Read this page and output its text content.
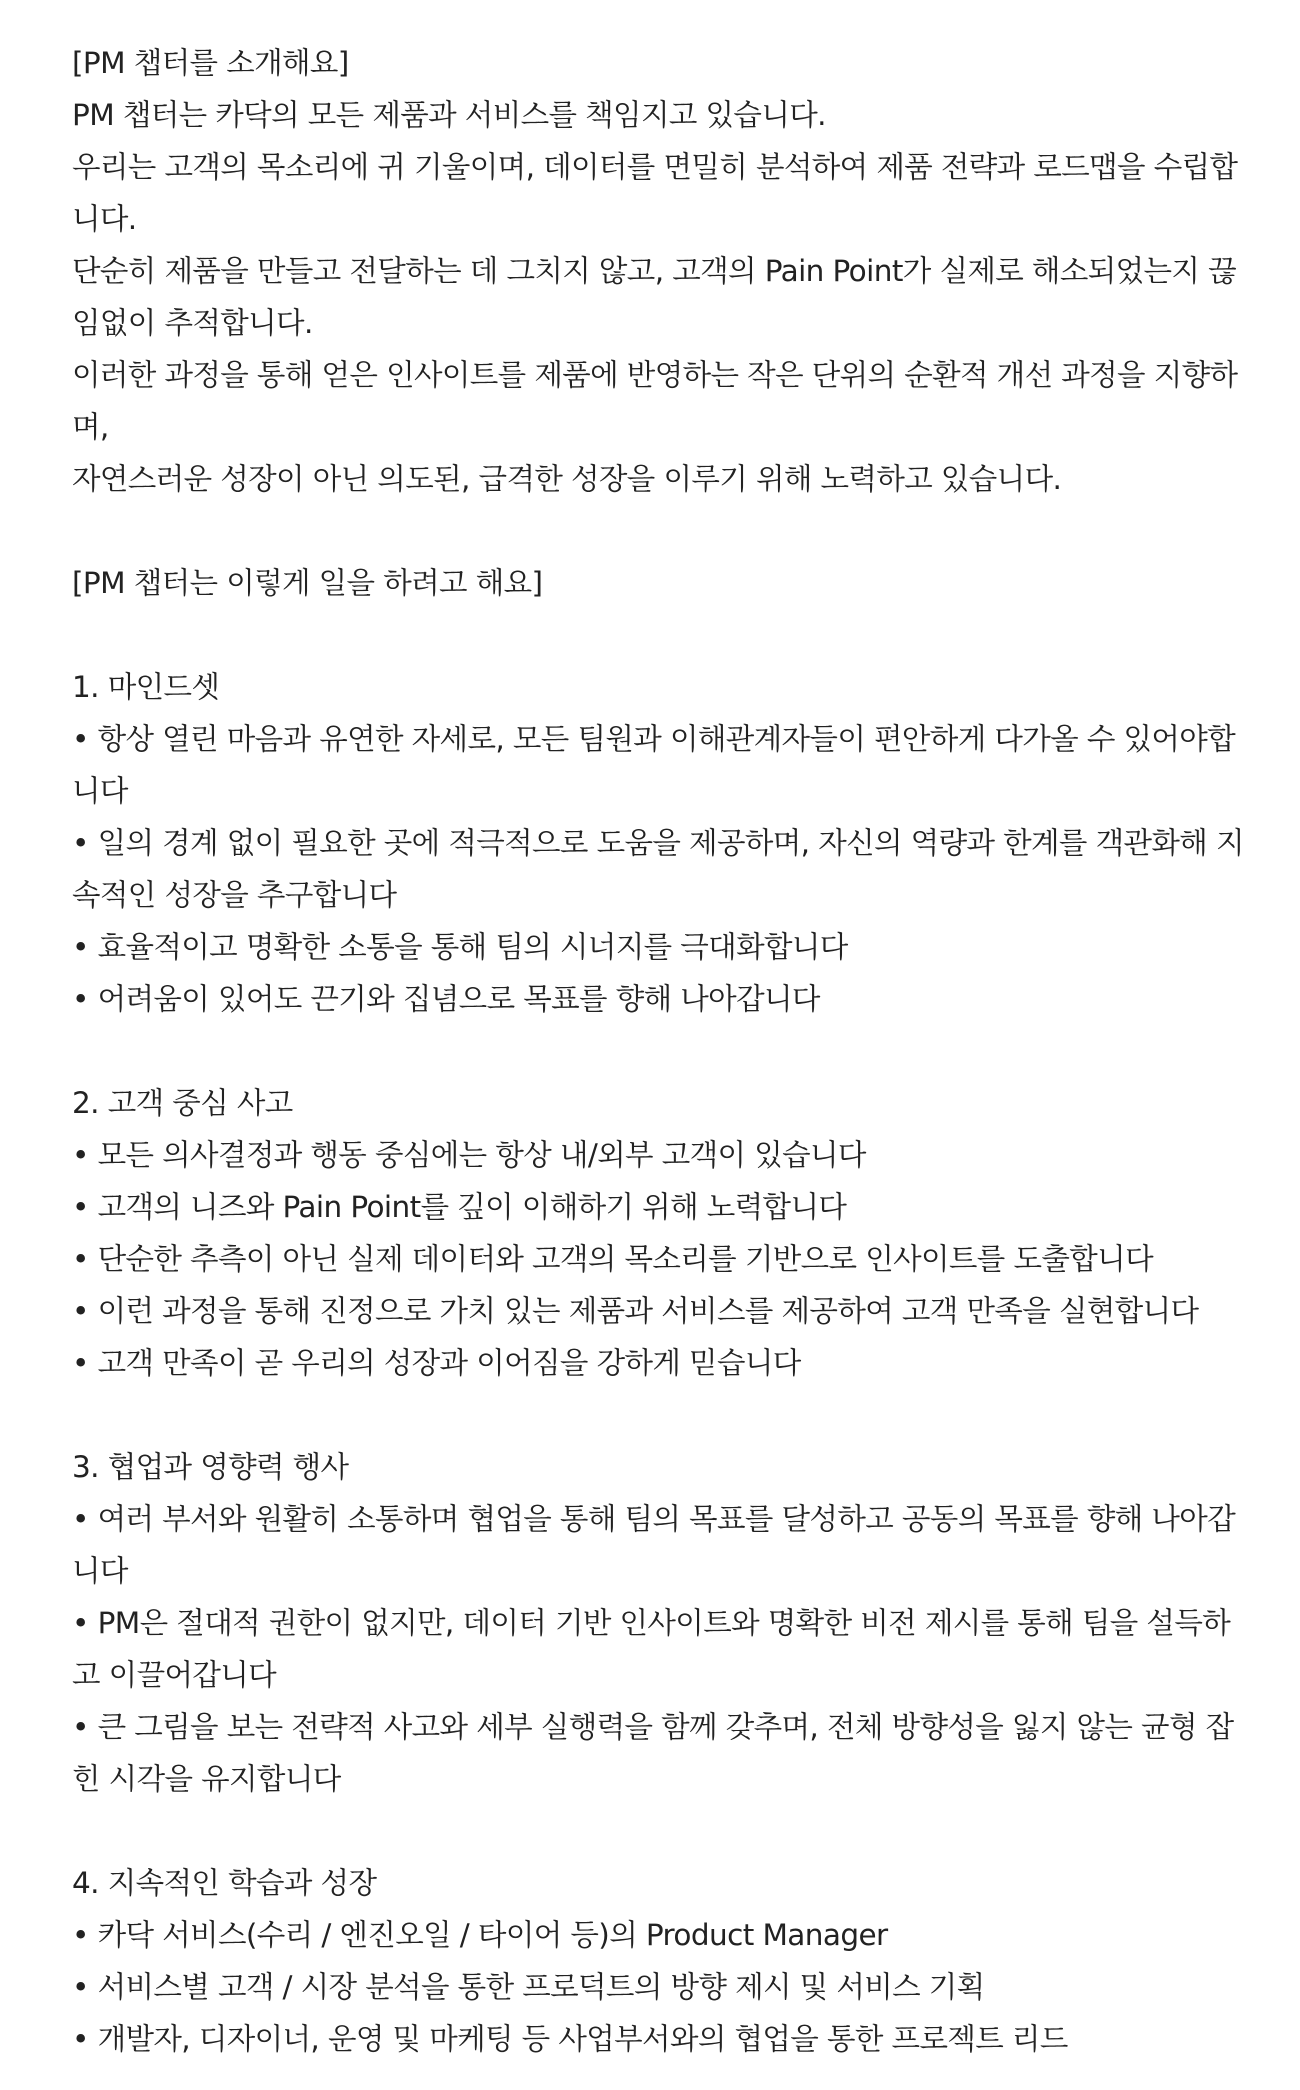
[PM 챕터를 소개해요]
PM 챕터는 카닥의 모든 제품과 서비스를 책임지고 있습니다.
우리는 고객의 목소리에 귀 기울이며, 데이터를 면밀히 분석하여 제품 전략과 로드맵을 수립합
니다.
단순히 제품을 만들고 전달하는 데 그치지 않고, 고객의 Pain Point가 실제로 해소되었는지 끊
임없이 추적합니다.
이러한 과정을 통해 얻은 인사이트를 제품에 반영하는 작은 단위의 순환적 개선 과정을 지향하
며,
자연스러운 성장이 아닌 의도된, 급격한 성장을 이루기 위해 노력하고 있습니다.
[PM 챕터는 이렇게 일을 하려고 해요]
1. 마인드셋
• 항상 열린 마음과 유연한 자세로, 모든 팀원과 이해관계자들이 편안하게 다가올 수 있어야합
니다
• 일의 경계 없이 필요한 곳에 적극적으로 도움을 제공하며, 자신의 역량과 한계를 객관화해 지
속적인 성장을 추구합니다
• 효율적이고 명확한 소통을 통해 팀의 시너지를 극대화합니다
• 어려움이 있어도 끈기와 집념으로 목표를 향해 나아갑니다
2. 고객 중심 사고
• 모든 의사결정과 행동 중심에는 항상 내/외부 고객이 있습니다
• 고객의 니즈와 Pain Point를 깊이 이해하기 위해 노력합니다
• 단순한 추측이 아닌 실제 데이터와 고객의 목소리를 기반으로 인사이트를 도출합니다
• 이런 과정을 통해 진정으로 가치 있는 제품과 서비스를 제공하여 고객 만족을 실현합니다
• 고객 만족이 곧 우리의 성장과 이어짐을 강하게 믿습니다
3. 협업과 영향력 행사
• 여러 부서와 원활히 소통하며 협업을 통해 팀의 목표를 달성하고 공동의 목표를 향해 나아갑
니다
• PM은 절대적 권한이 없지만, 데이터 기반 인사이트와 명확한 비전 제시를 통해 팀을 설득하
고 이끌어갑니다
• 큰 그림을 보는 전략적 사고와 세부 실행력을 함께 갖추며, 전체 방향성을 잃지 않는 균형 잡
힌 시각을 유지합니다
4. 지속적인 학습과 성장
• 카닥 서비스(수리 / 엔진오일 / 타이어 등)의 Product Manager
• 서비스별 고객 / 시장 분석을 통한 프로덕트의 방향 제시 및 서비스 기획
• 개발자, 디자이너, 운영 및 마케팅 등 사업부서와의 협업을 통한 프로젝트 리드
